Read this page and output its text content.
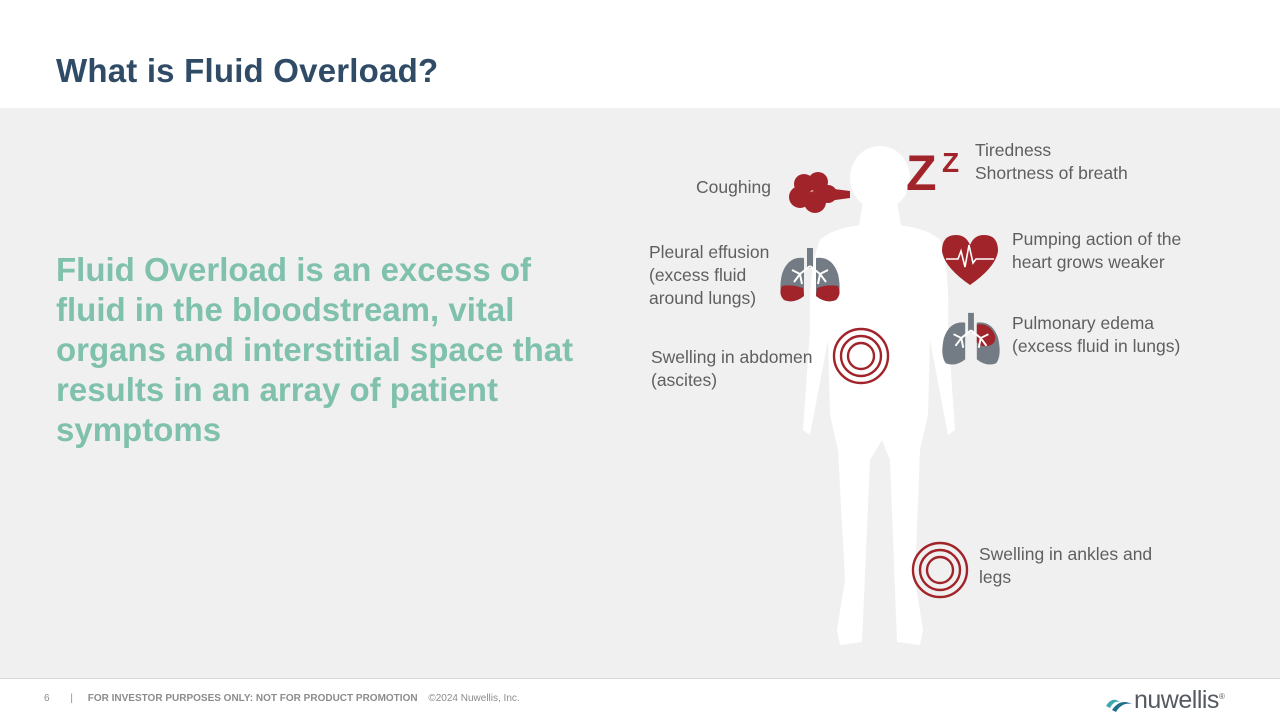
What is Fluid Overload?

Fluid Overload is an excess of fluid in the bloodstream, vital organs and interstitial space that results in an array of patient symptoms

Coughing	Z Z Tiredness
Shortness of breath
Pleural effusion
(excess fluid
around lungs)
Pumping action of the
heart grows weaker
Swelling in abdomen
(ascites)
Pulmonary edema
(excess fluid in lungs)
Swelling in ankles and
legs
6 | FOR INVESTOR PURPOSES ONLY: NOT FOR PRODUCT PROMOTION ©2024 Nuwellis, Inc.	nuwellis®
